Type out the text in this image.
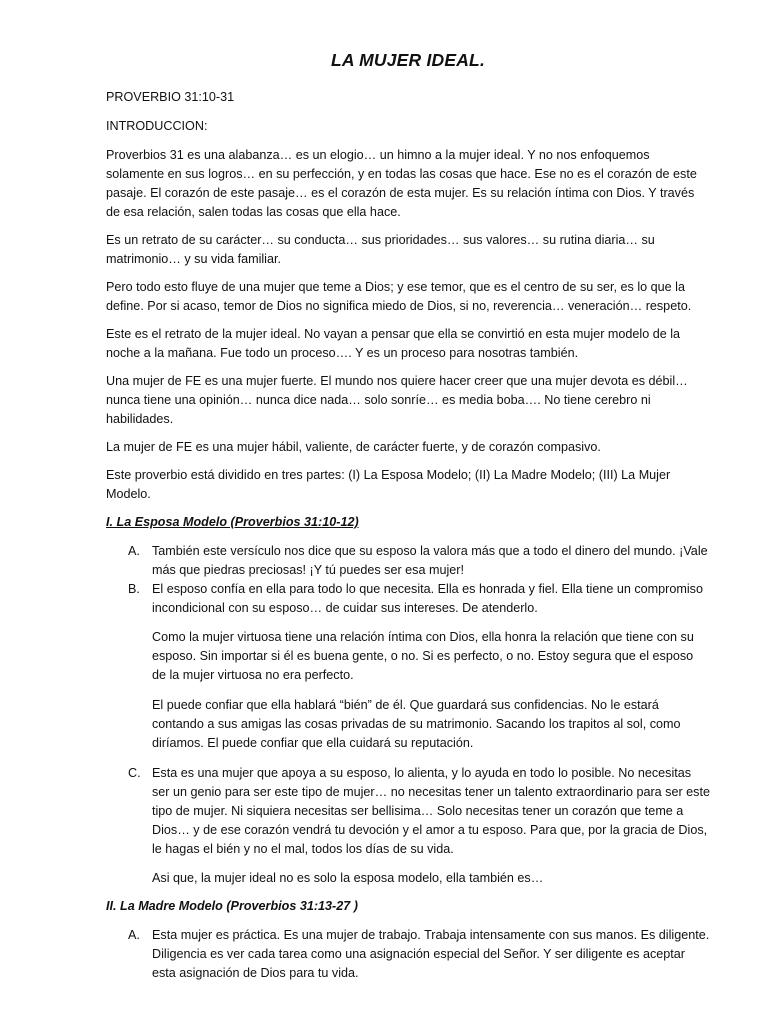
LA MUJER IDEAL.

PROVERBIO 31:10-31

INTRODUCCION:

Proverbios 31 es una alabanza… es un elogio… un himno a la mujer ideal. Y no nos enfoquemos solamente en sus logros… en su perfección, y en todas las cosas que hace. Ese no es el corazón de este pasaje. El corazón de este pasaje… es el corazón de esta mujer. Es su relación íntima con Dios. Y través de esa relación, salen todas las cosas que ella hace.

Es un retrato de su carácter… su conducta… sus prioridades… sus valores… su rutina diaria… su matrimonio… y su vida familiar.

Pero todo esto fluye de una mujer que teme a Dios; y ese temor, que es el centro de su ser, es lo que la define. Por si acaso, temor de Dios no significa miedo de Dios, si no, reverencia… veneración… respeto.

Este es el retrato de la mujer ideal. No vayan a pensar que ella se convirtió en esta mujer modelo de la noche a la mañana. Fue todo un proceso…. Y es un proceso para nosotras también.

Una mujer de FE es una mujer fuerte. El mundo nos quiere hacer creer que una mujer devota es débil… nunca tiene una opinión… nunca dice nada… solo sonríe… es media boba…. No tiene cerebro ni habilidades.

La mujer de FE es una mujer hábil, valiente, de carácter fuerte, y de corazón compasivo.

Este proverbio está dividido en tres partes: (I) La Esposa Modelo; (II) La Madre Modelo; (III) La Mujer Modelo.

I. La Esposa Modelo (Proverbios 31:10-12)

A. También este versículo nos dice que su esposo la valora más que a todo el dinero del mundo. ¡Vale más que piedras preciosas! ¡Y tú puedes ser esa mujer!
B. El esposo confía en ella para todo lo que necesita. Ella es honrada y fiel. Ella tiene un compromiso incondicional con su esposo… de cuidar sus intereses. De atenderlo.

Como la mujer virtuosa tiene una relación íntima con Dios, ella honra la relación que tiene con su esposo. Sin importar si él es buena gente, o no. Si es perfecto, o no. Estoy segura que el esposo de la mujer virtuosa no era perfecto.

El puede confiar que ella hablará “bién” de él. Que guardará sus confidencias. No le estará contando a sus amigas las cosas privadas de su matrimonio. Sacando los trapitos al sol, como diríamos. El puede confiar que ella cuidará su reputación.

C. Esta es una mujer que apoya a su esposo, lo alienta, y lo ayuda en todo lo posible. No necesitas ser un genio para ser este tipo de mujer… no necesitas tener un talento extraordinario para ser este tipo de mujer. Ni siquiera necesitas ser bellisima… Solo necesitas tener un corazón que teme a Dios… y de ese corazón vendrá tu devoción y el amor a tu esposo. Para que, por la gracia de Dios, le hagas el bién y no el mal, todos los días de su vida.

Asi que, la mujer ideal no es solo la esposa modelo, ella también es…

II. La Madre Modelo (Proverbios 31:13-27 )

A. Esta mujer es práctica. Es una mujer de trabajo. Trabaja intensamente con sus manos. Es diligente. Diligencia es ver cada tarea como una asignación especial del Señor. Y ser diligente es aceptar esta asignación de Dios para tu vida.
